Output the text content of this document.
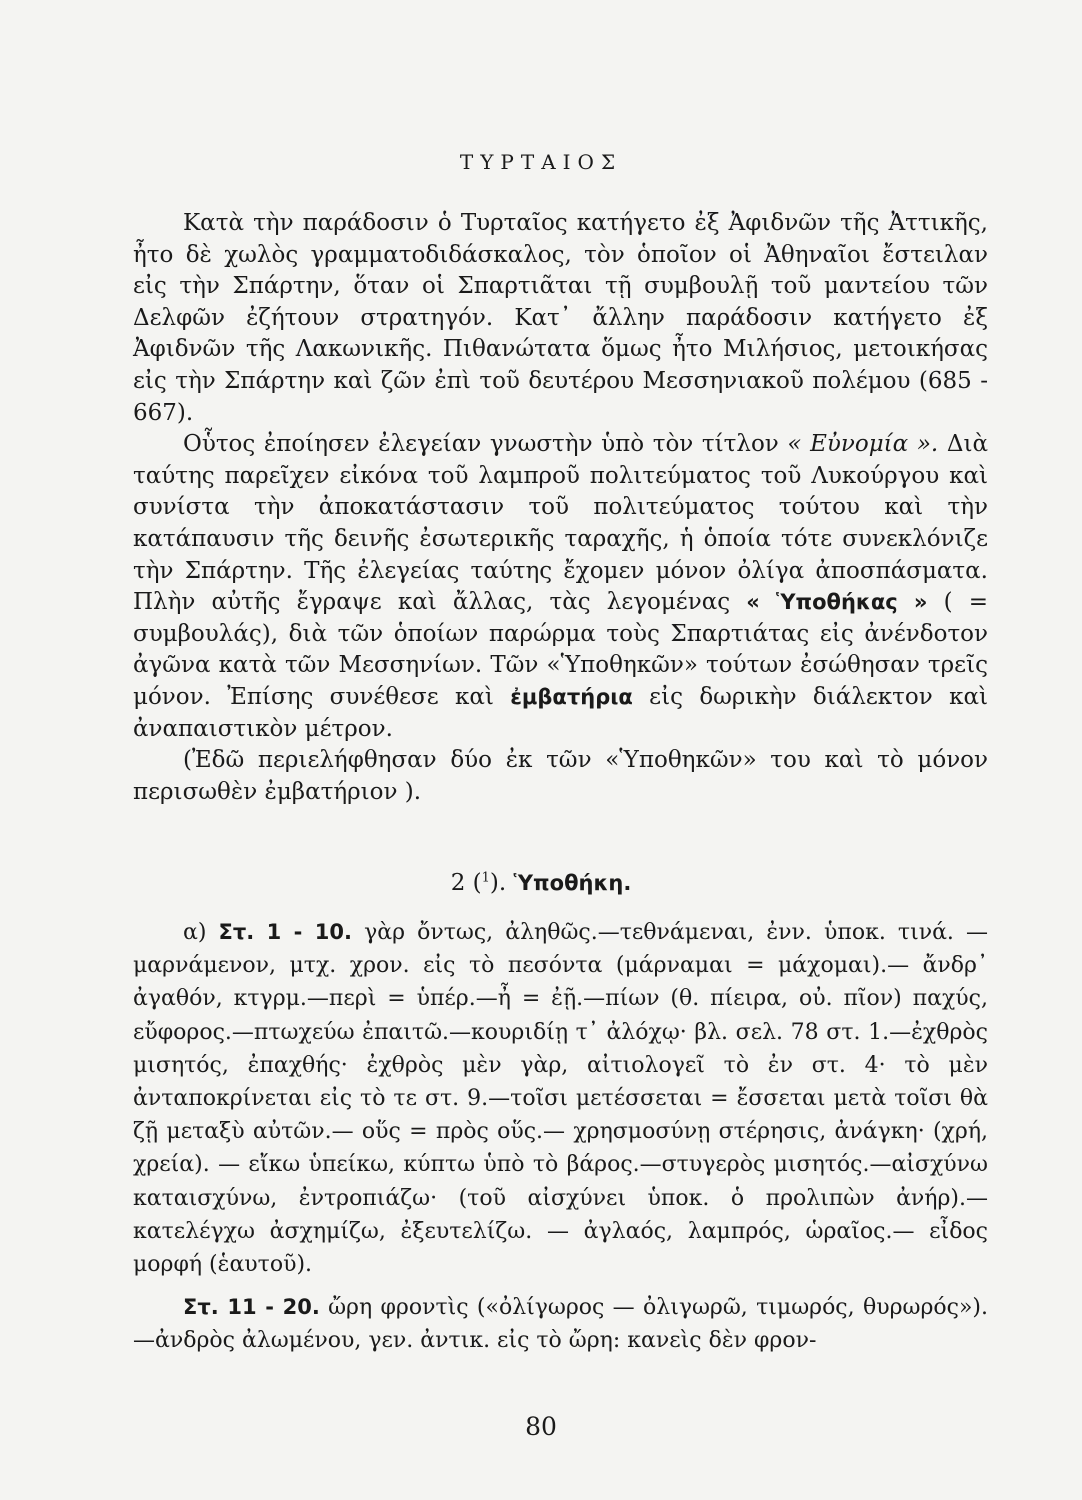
ΤΥΡΤΑΙΟΣ

Κατὰ τὴν παράδοσιν ὁ Τυρταῖος κατήγετο ἐξ Ἀφιδνῶν τῆς Ἀττικῆς, ἦτο δὲ χωλὸς γραμματοδιδάσκαλος, τὸν ὁποῖον οἱ Ἀθηναῖοι ἔστειλαν εἰς τὴν Σπάρτην, ὅταν οἱ Σπαρτιᾶται τῇ συμβουλῇ τοῦ μαντείου τῶν Δελφῶν ἐζήτουν στρατηγόν. Κατ᾽ ἄλλην παράδοσιν κατήγετο ἐξ Ἀφιδνῶν τῆς Λακωνικῆς. Πιθανώτατα ὅμως ἦτο Μιλήσιος, μετοικήσας εἰς τὴν Σπάρτην καὶ ζῶν ἐπὶ τοῦ δευτέρου Μεσσηνιακοῦ πολέμου (685 - 667).

Οὗτος ἐποίησεν ἐλεγείαν γνωστὴν ὑπὸ τὸν τίτλον « Εὐνομία ». Διὰ ταύτης παρεῖχεν εἰκόνα τοῦ λαμπροῦ πολιτεύματος τοῦ Λυκούργου καὶ συνίστα τὴν ἀποκατάστασιν τοῦ πολιτεύματος τούτου καὶ τὴν κατάπαυσιν τῆς δεινῆς ἐσωτερικῆς ταραχῆς, ἡ ὁποία τότε συνεκλόνιζε τὴν Σπάρτην. Τῆς ἐλεγείας ταύτης ἔχομεν μόνον ὀλίγα ἀποσπάσματα. Πλὴν αὐτῆς ἔγραψε καὶ ἄλλας, τὰς λεγομένας « Ὑποθήκας » ( = συμβουλάς), διὰ τῶν ὁποίων παρώρμα τοὺς Σπαρτιάτας εἰς ἀνένδοτον ἀγῶνα κατὰ τῶν Μεσσηνίων. Τῶν «Ὑποθηκῶν» τούτων ἐσώθησαν τρεῖς μόνον. Ἐπίσης συνέθεσε καὶ ἐμβατήρια εἰς δωρικὴν διάλεκτον καὶ ἀναπαιστικὸν μέτρον.

(Ἐδῶ περιελήφθησαν δύο ἐκ τῶν «Ὑποθηκῶν» του καὶ τὸ μόνον περισωθὲν ἐμβατήριον ).

2 ($^1$). Ὑποθήκη.

α) Στ. 1 - 10. γὰρ ὄντως, ἀληθῶς.—τεθνάμεναι, ἐνν. ὑποκ. τινά. —μαρνάμενον, μτχ. χρον. εἰς τὸ πεσόντα (μάρναμαι = μάχομαι).— ἄνδρ᾽ ἀγαθόν, κτγρμ.—περὶ = ὑπέρ.—ἦ = ἐῇ.—πίων (θ. πίειρα, οὐ. πῖον) παχύς, εὔφορος.—πτωχεύω ἐπαιτῶ.—κουριδίῃ τ᾽ ἀλόχῳ· βλ. σελ. 78 στ. 1.—ἐχθρὸς μισητός, ἐπαχθής· ἐχθρὸς μὲν γὰρ, αἰτιολογεῖ τὸ ἐν στ. 4· τὸ μὲν ἀνταποκρίνεται εἰς τὸ τε στ. 9.—τοῖσι μετέσσεται = ἔσσεται μετὰ τοῖσι θὰ ζῇ μεταξὺ αὐτῶν.— οὕς = πρὸς οὕς.— χρησμοσύνῃ στέρησις, ἀνάγκη· (χρή, χρεία). — εἴκω ὑπείκω, κύπτω ὑπὸ τὸ βάρος.—στυγερὸς μισητός.—αἰσχύνω καταισχύνω, ἐντροπιάζω· (τοῦ αἰσχύνει ὑποκ. ὁ προλιπὼν ἀνήρ).—κατελέγχω ἀσχημίζω, ἐξευτελίζω. — ἀγλαός, λαμπρός, ὡραῖος.— εἶδος μορφή (ἑαυτοῦ).

Στ. 11 - 20. ὤρη φροντὶς («ὀλίγωρος — ὀλιγωρῶ, τιμωρός, θυρωρός»).—ἀνδρὸς ἀλωμένου, γεν. ἀντικ. εἰς τὸ ὤρη: κανεὶς δὲν φρον-

80
